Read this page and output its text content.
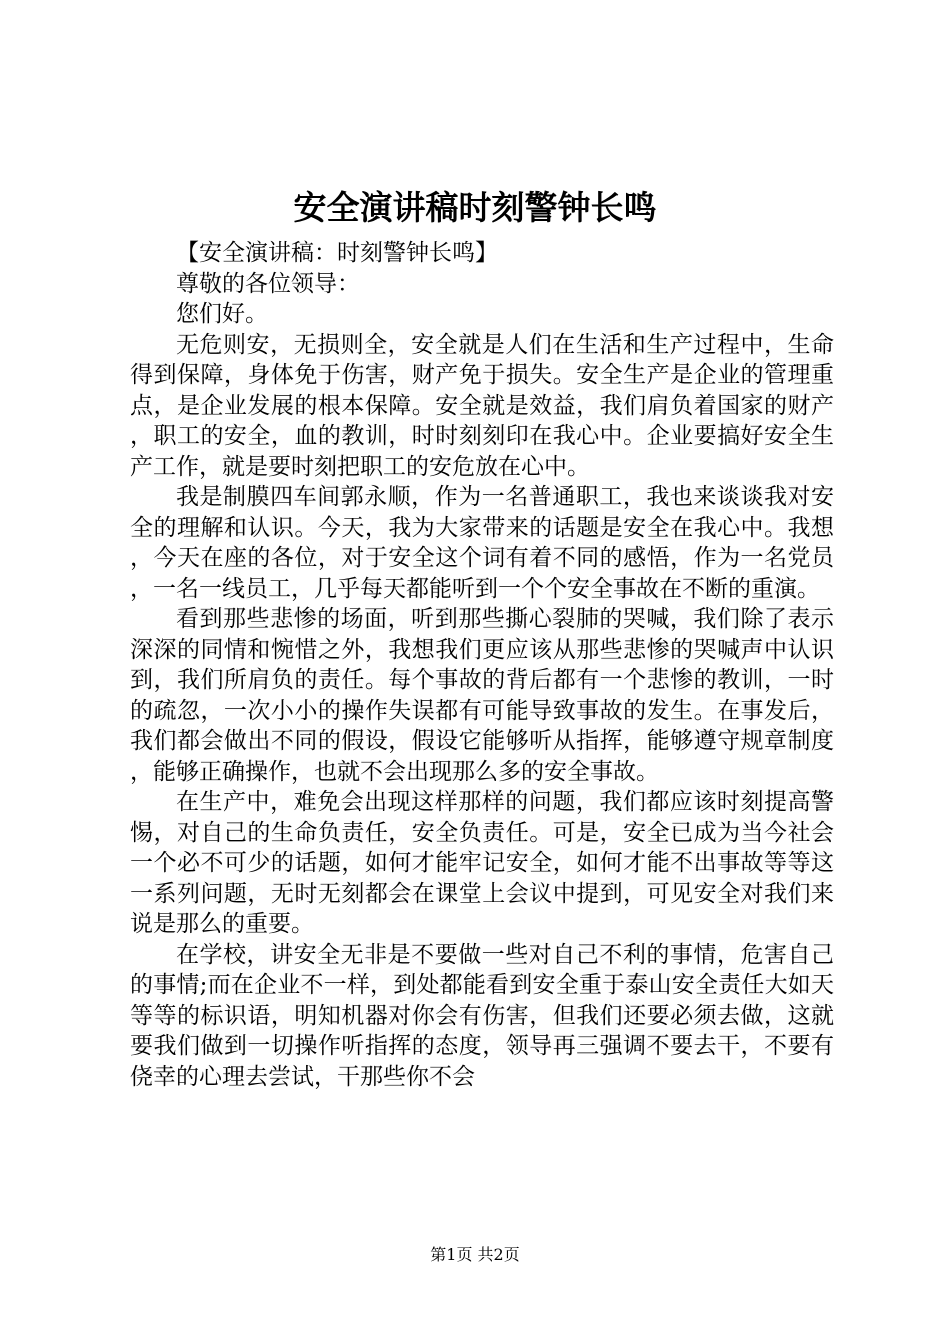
安全演讲稿时刻警钟长鸣

【安全演讲稿：时刻警钟长鸣】

尊敬的各位领导：

您们好。

无危则安，无损则全，安全就是人们在生活和生产过程中，生命得到保障，身体免于伤害，财产免于损失。安全生产是企业的管理重点，是企业发展的根本保障。安全就是效益，我们肩负着国家的财产，职工的安全，血的教训，时时刻刻印在我心中。企业要搞好安全生产工作，就是要时刻把职工的安危放在心中。

我是制膜四车间郭永顺，作为一名普通职工，我也来谈谈我对安全的理解和认识。今天，我为大家带来的话题是安全在我心中。我想，今天在座的各位，对于安全这个词有着不同的感悟，作为一名党员，一名一线员工，几乎每天都能听到一个个安全事故在不断的重演。

看到那些悲惨的场面，听到那些撕心裂肺的哭喊，我们除了表示深深的同情和惋惜之外，我想我们更应该从那些悲惨的哭喊声中认识到，我们所肩负的责任。每个事故的背后都有一个悲惨的教训，一时的疏忽，一次小小的操作失误都有可能导致事故的发生。在事发后，我们都会做出不同的假设，假设它能够听从指挥，能够遵守规章制度，能够正确操作，也就不会出现那么多的安全事故。

在生产中，难免会出现这样那样的问题，我们都应该时刻提高警惕，对自己的生命负责任，安全负责任。可是，安全已成为当今社会一个必不可少的话题，如何才能牢记安全，如何才能不出事故等等这一系列问题，无时无刻都会在课堂上会议中提到，可见安全对我们来说是那么的重要。

在学校，讲安全无非是不要做一些对自己不利的事情，危害自己的事情;而在企业不一样，到处都能看到安全重于泰山安全责任大如天等等的标识语，明知机器对你会有伤害，但我们还要必须去做，这就要我们做到一切操作听指挥的态度，领导再三强调不要去干，不要有侥幸的心理去尝试，干那些你不会

第1页 共2页
